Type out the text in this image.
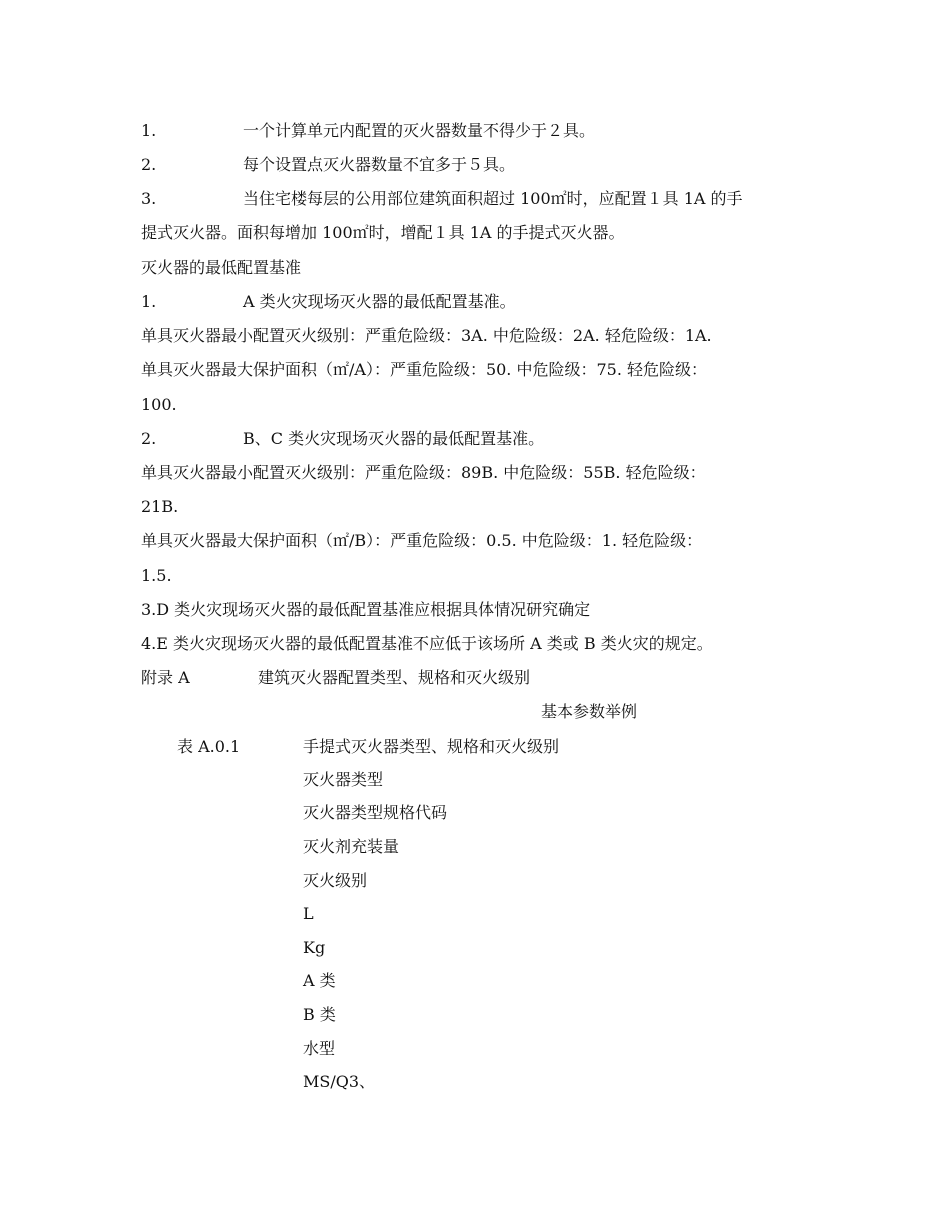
1.	一个计算单元内配置的灭火器数量不得少于２具。
2.	每个设置点灭火器数量不宜多于５具。
3.	当住宅楼每层的公用部位建筑面积超过 100㎡时，应配置１具 1A 的手
提式灭火器。面积每增加 100㎡时，增配１具 1A 的手提式灭火器。
灭火器的最低配置基准
1.	A 类火灾现场灭火器的最低配置基准。
单具灭火器最小配置灭火级别：严重危险级：3A. 中危险级：2A. 轻危险级：1A.
单具灭火器最大保护面积（㎡/A）：严重危险级：50. 中危险级：75. 轻危险级：
100.
2.	B、C 类火灾现场灭火器的最低配置基准。
单具灭火器最小配置灭火级别：严重危险级：89B. 中危险级：55B. 轻危险级：
21B.
单具灭火器最大保护面积（㎡/B）：严重危险级：0.5. 中危险级：1. 轻危险级：
1.5.
3.D 类火灾现场灭火器的最低配置基准应根据具体情况研究确定
4.E 类火灾现场灭火器的最低配置基准不应低于该场所 A 类或 B 类火灾的规定。
附录 A	建筑灭火器配置类型、规格和灭火级别
基本参数举例
表 A.0.1	手提式灭火器类型、规格和灭火级别
灭火器类型
灭火器类型规格代码
灭火剂充装量
灭火级别
L
Kg
A 类
B 类
水型
MS/Q3、
